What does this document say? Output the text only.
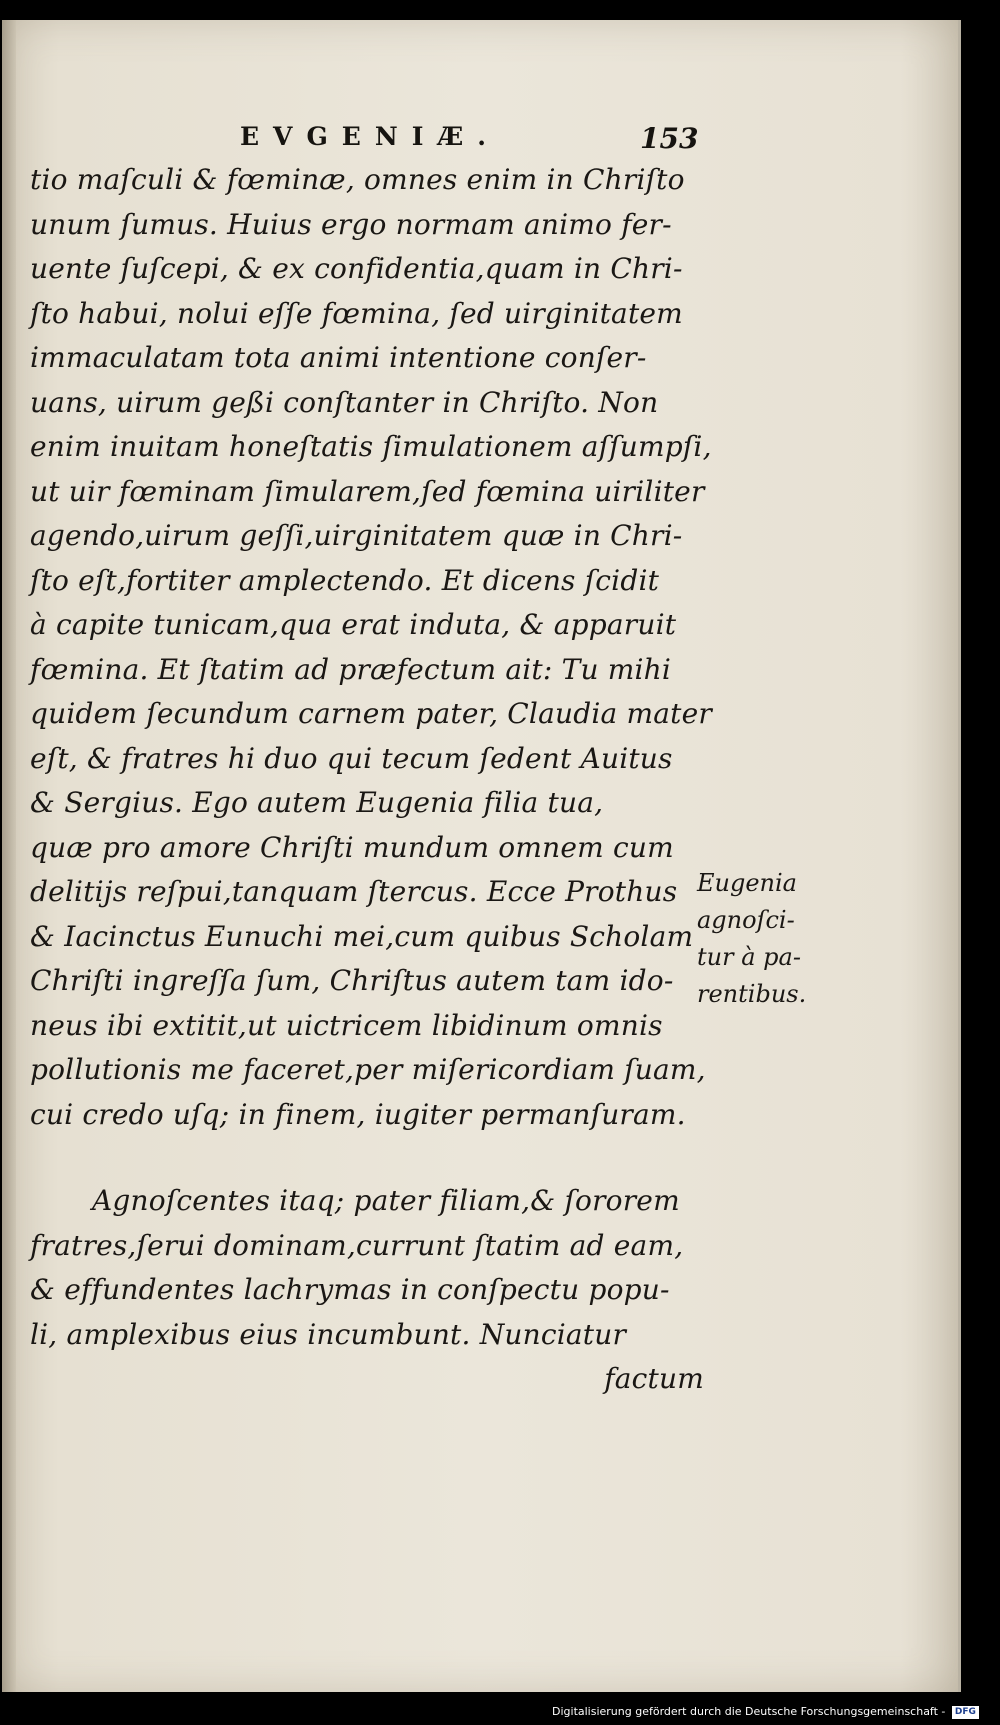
EVGENIÆ.	153
tio maſculi & fœminæ, omnes enim in Chriſto
unum ſumus. Huius ergo normam animo fer-
uente ſuſcepi, & ex confidentia,quam in Chri-
ſto habui, nolui eſſe fœmina, ſed uirginitatem
immaculatam tota animi intentione conſer-
uans, uirum geßi conſtanter in Chriſto. Non
enim inuitam honeſtatis ſimulationem aſſumpſi,
ut uir fœminam ſimularem,ſed fœmina uiriliter
agendo,uirum geſſi,uirginitatem quæ in Chri-
ſto eſt,fortiter amplectendo. Et dicens ſcidit
à capite tunicam,qua erat induta, & apparuit
fœmina. Et ſtatim ad præfectum ait: Tu mihi
quidem ſecundum carnem pater, Claudia mater
eſt, & fratres hi duo qui tecum ſedent Auitus
& Sergius. Ego autem Eugenia filia tua,
quæ pro amore Chriſti mundum omnem cum
delitijs reſpui,tanquam ſtercus. Ecce Prothus
& Iacinctus Eunuchi mei,cum quibus Scholam
Chriſti ingreſſa ſum, Chriſtus autem tam ido-
neus ibi extitit,ut uictricem libidinum omnis
pollutionis me faceret,per miſericordiam ſuam,
cui credo uſq; in finem, iugiter permanſuram.
Agnoſcentes itaq; pater filiam,& ſororem
fratres,ſerui dominam,currunt ſtatim ad eam,
& effundentes lachrymas in conſpectu popu-
li, amplexibus eius incumbunt. Nunciatur
factum
Eugenia
agnoſci-
tur à pa-
rentibus.
Digitalisierung gefördert durch die Deutsche Forschungsgemeinschaft - DFG
